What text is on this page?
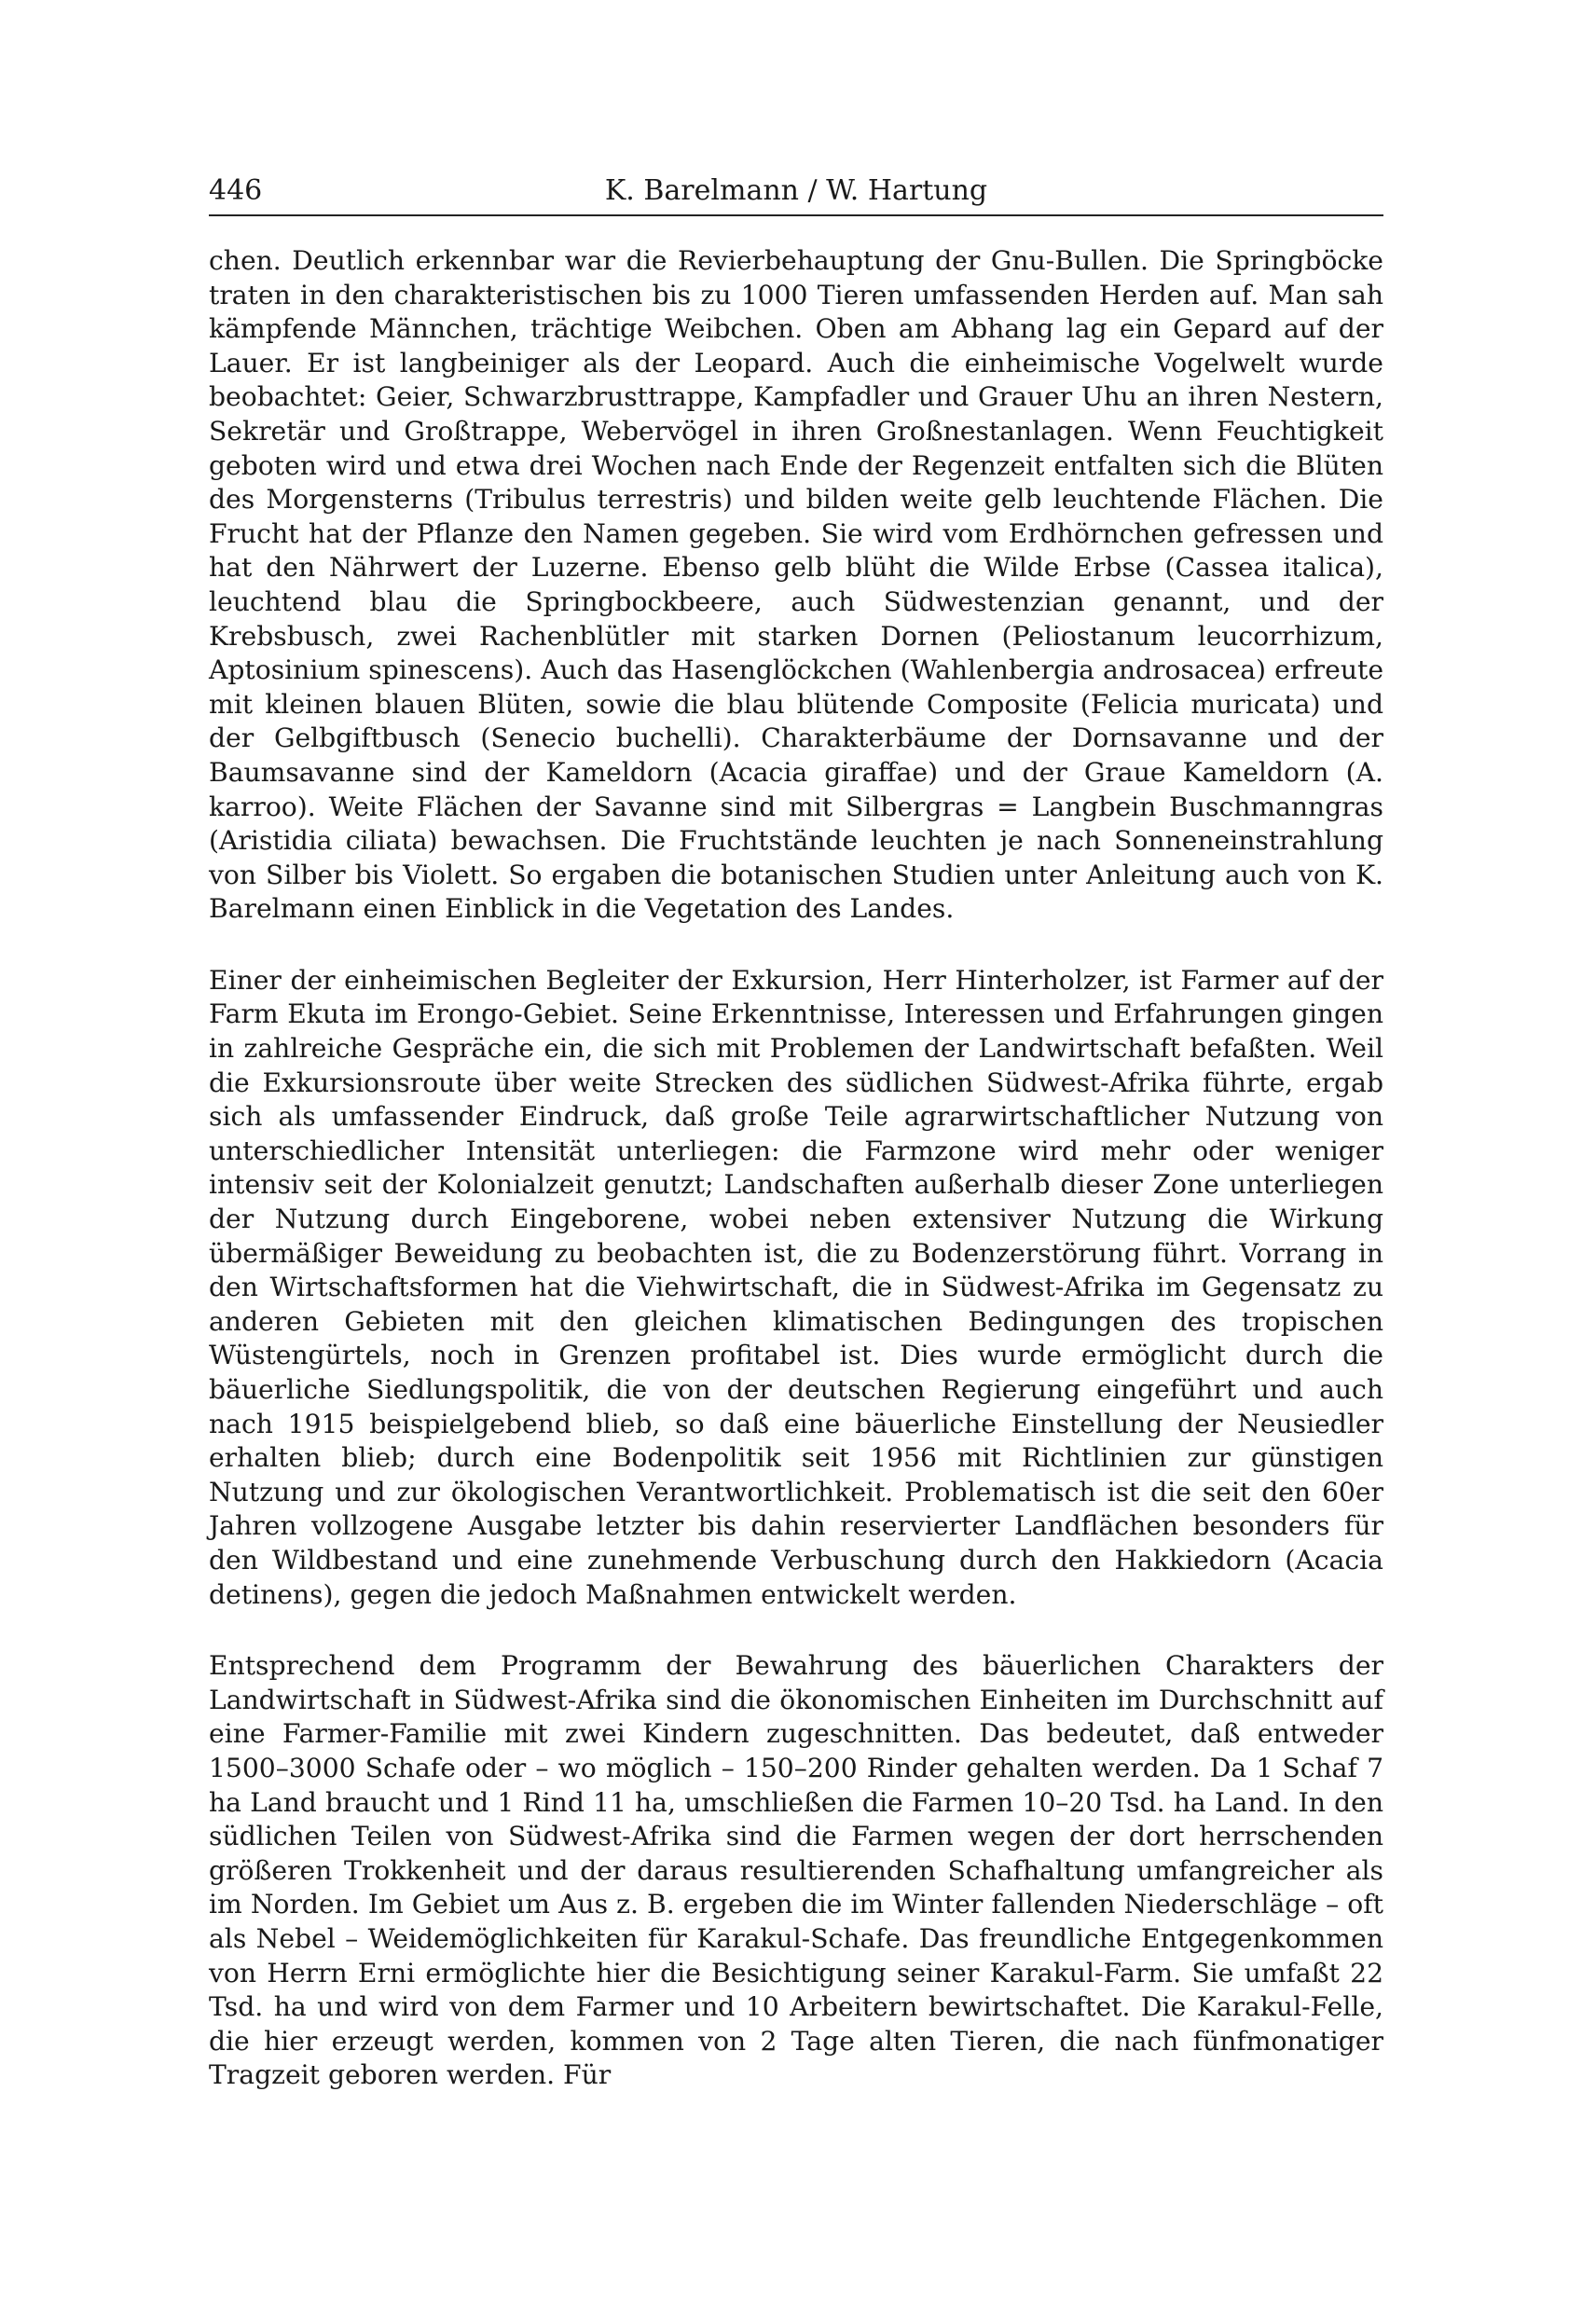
446	K. Barelmann / W. Hartung

chen. Deutlich erkennbar war die Revierbehauptung der Gnu-Bullen. Die Springböcke traten in den charakteristischen bis zu 1000 Tieren umfassenden Herden auf. Man sah kämpfende Männchen, trächtige Weibchen. Oben am Abhang lag ein Gepard auf der Lauer. Er ist langbeiniger als der Leopard. Auch die einheimische Vogelwelt wurde beobachtet: Geier, Schwarzbrusttrappe, Kampfadler und Grauer Uhu an ihren Nestern, Sekretär und Großtrappe, Webervögel in ihren Großnestanlagen. Wenn Feuchtigkeit geboten wird und etwa drei Wochen nach Ende der Regenzeit entfalten sich die Blüten des Morgensterns (Tribulus terrestris) und bilden weite gelb leuchtende Flächen. Die Frucht hat der Pflanze den Namen gegeben. Sie wird vom Erdhörnchen gefressen und hat den Nährwert der Luzerne. Ebenso gelb blüht die Wilde Erbse (Cassea italica), leuchtend blau die Springbockbeere, auch Südwestenzian genannt, und der Krebsbusch, zwei Rachenblütler mit starken Dornen (Peliostanum leucorrhizum, Aptosinium spinescens). Auch das Hasenglöckchen (Wahlenbergia androsacea) erfreute mit kleinen blauen Blüten, sowie die blau blütende Composite (Felicia muricata) und der Gelbgiftbusch (Senecio buchelli). Charakterbäume der Dornsavanne und der Baumsavanne sind der Kameldorn (Acacia giraffae) und der Graue Kameldorn (A. karroo). Weite Flächen der Savanne sind mit Silbergras = Langbein Buschmanngras (Aristidia ciliata) bewachsen. Die Fruchtstände leuchten je nach Sonneneinstrahlung von Silber bis Violett. So ergaben die botanischen Studien unter Anleitung auch von K. Barelmann einen Einblick in die Vegetation des Landes.

Einer der einheimischen Begleiter der Exkursion, Herr Hinterholzer, ist Farmer auf der Farm Ekuta im Erongo-Gebiet. Seine Erkenntnisse, Interessen und Erfahrungen gingen in zahlreiche Gespräche ein, die sich mit Problemen der Landwirtschaft befaßten. Weil die Exkursionsroute über weite Strecken des südlichen Südwest-Afrika führte, ergab sich als umfassender Eindruck, daß große Teile agrarwirtschaftlicher Nutzung von unterschiedlicher Intensität unterliegen: die Farmzone wird mehr oder weniger intensiv seit der Kolonialzeit genutzt; Landschaften außerhalb dieser Zone unterliegen der Nutzung durch Eingeborene, wobei neben extensiver Nutzung die Wirkung übermäßiger Beweidung zu beobachten ist, die zu Bodenzerstörung führt. Vorrang in den Wirtschaftsformen hat die Viehwirtschaft, die in Südwest-Afrika im Gegensatz zu anderen Gebieten mit den gleichen klimatischen Bedingungen des tropischen Wüstengürtels, noch in Grenzen profitabel ist. Dies wurde ermöglicht durch die bäuerliche Siedlungspolitik, die von der deutschen Regierung eingeführt und auch nach 1915 beispielgebend blieb, so daß eine bäuerliche Einstellung der Neusiedler erhalten blieb; durch eine Bodenpolitik seit 1956 mit Richtlinien zur günstigen Nutzung und zur ökologischen Verantwortlichkeit. Problematisch ist die seit den 60er Jahren vollzogene Ausgabe letzter bis dahin reservierter Landflächen besonders für den Wildbestand und eine zunehmende Verbuschung durch den Hakkiedorn (Acacia detinens), gegen die jedoch Maßnahmen entwickelt werden.

Entsprechend dem Programm der Bewahrung des bäuerlichen Charakters der Landwirtschaft in Südwest-Afrika sind die ökonomischen Einheiten im Durchschnitt auf eine Farmer-Familie mit zwei Kindern zugeschnitten. Das bedeutet, daß entweder 1500–3000 Schafe oder – wo möglich – 150–200 Rinder gehalten werden. Da 1 Schaf 7 ha Land braucht und 1 Rind 11 ha, umschließen die Farmen 10–20 Tsd. ha Land. In den südlichen Teilen von Südwest-Afrika sind die Farmen wegen der dort herrschenden größeren Trokkenheit und der daraus resultierenden Schafhaltung umfangreicher als im Norden. Im Gebiet um Aus z. B. ergeben die im Winter fallenden Niederschläge – oft als Nebel – Weidemöglichkeiten für Karakul-Schafe. Das freundliche Entgegenkommen von Herrn Erni ermöglichte hier die Besichtigung seiner Karakul-Farm. Sie umfaßt 22 Tsd. ha und wird von dem Farmer und 10 Arbeitern bewirtschaftet. Die Karakul-Felle, die hier erzeugt werden, kommen von 2 Tage alten Tieren, die nach fünfmonatiger Tragzeit geboren werden. Für
